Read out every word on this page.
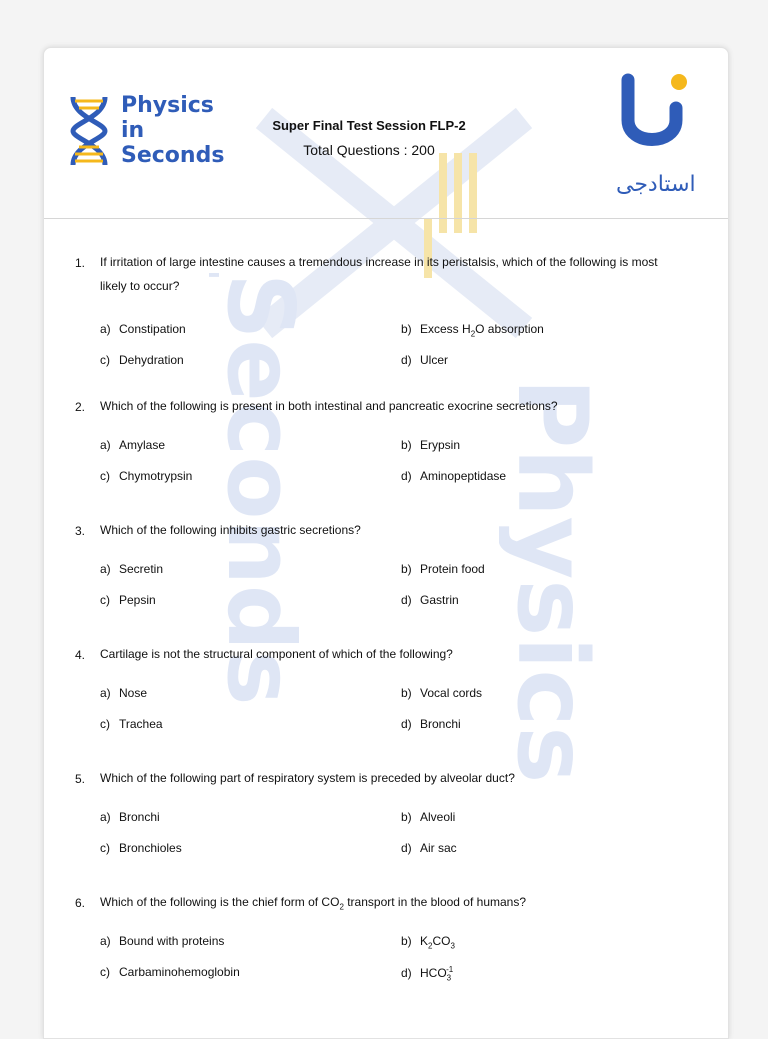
Seconds
in
Physics
Physics
in
Seconds
Super Final Test Session FLP-2
Total Questions : 200
استادجی
1. If irritation of large intestine causes a tremendous increase in its peristalsis, which of the following is most likely to occur?
a) Constipation	b) Excess $H_2O$ absorption
c) Dehydration	d) Ulcer
2. Which of the following is present in both intestinal and pancreatic exocrine secretions?
a) Amylase	b) Erypsin
c) Chymotrypsin	d) Aminopeptidase
3. Which of the following inhibits gastric secretions?
a) Secretin	b) Protein food
c) Pepsin	d) Gastrin
4. Cartilage is not the structural component of which of the following?
a) Nose	b) Vocal cords
c) Trachea	d) Bronchi
5. Which of the following part of respiratory system is preceded by alveolar duct?
a) Bronchi	b) Alveoli
c) Bronchioles	d) Air sac
6. Which of the following is the chief form of $CO_2$ transport in the blood of humans?
a) Bound with proteins	b) $K_2CO_3$
c) Carbaminohemoglobin	d) $HCO_3^{-1}$
